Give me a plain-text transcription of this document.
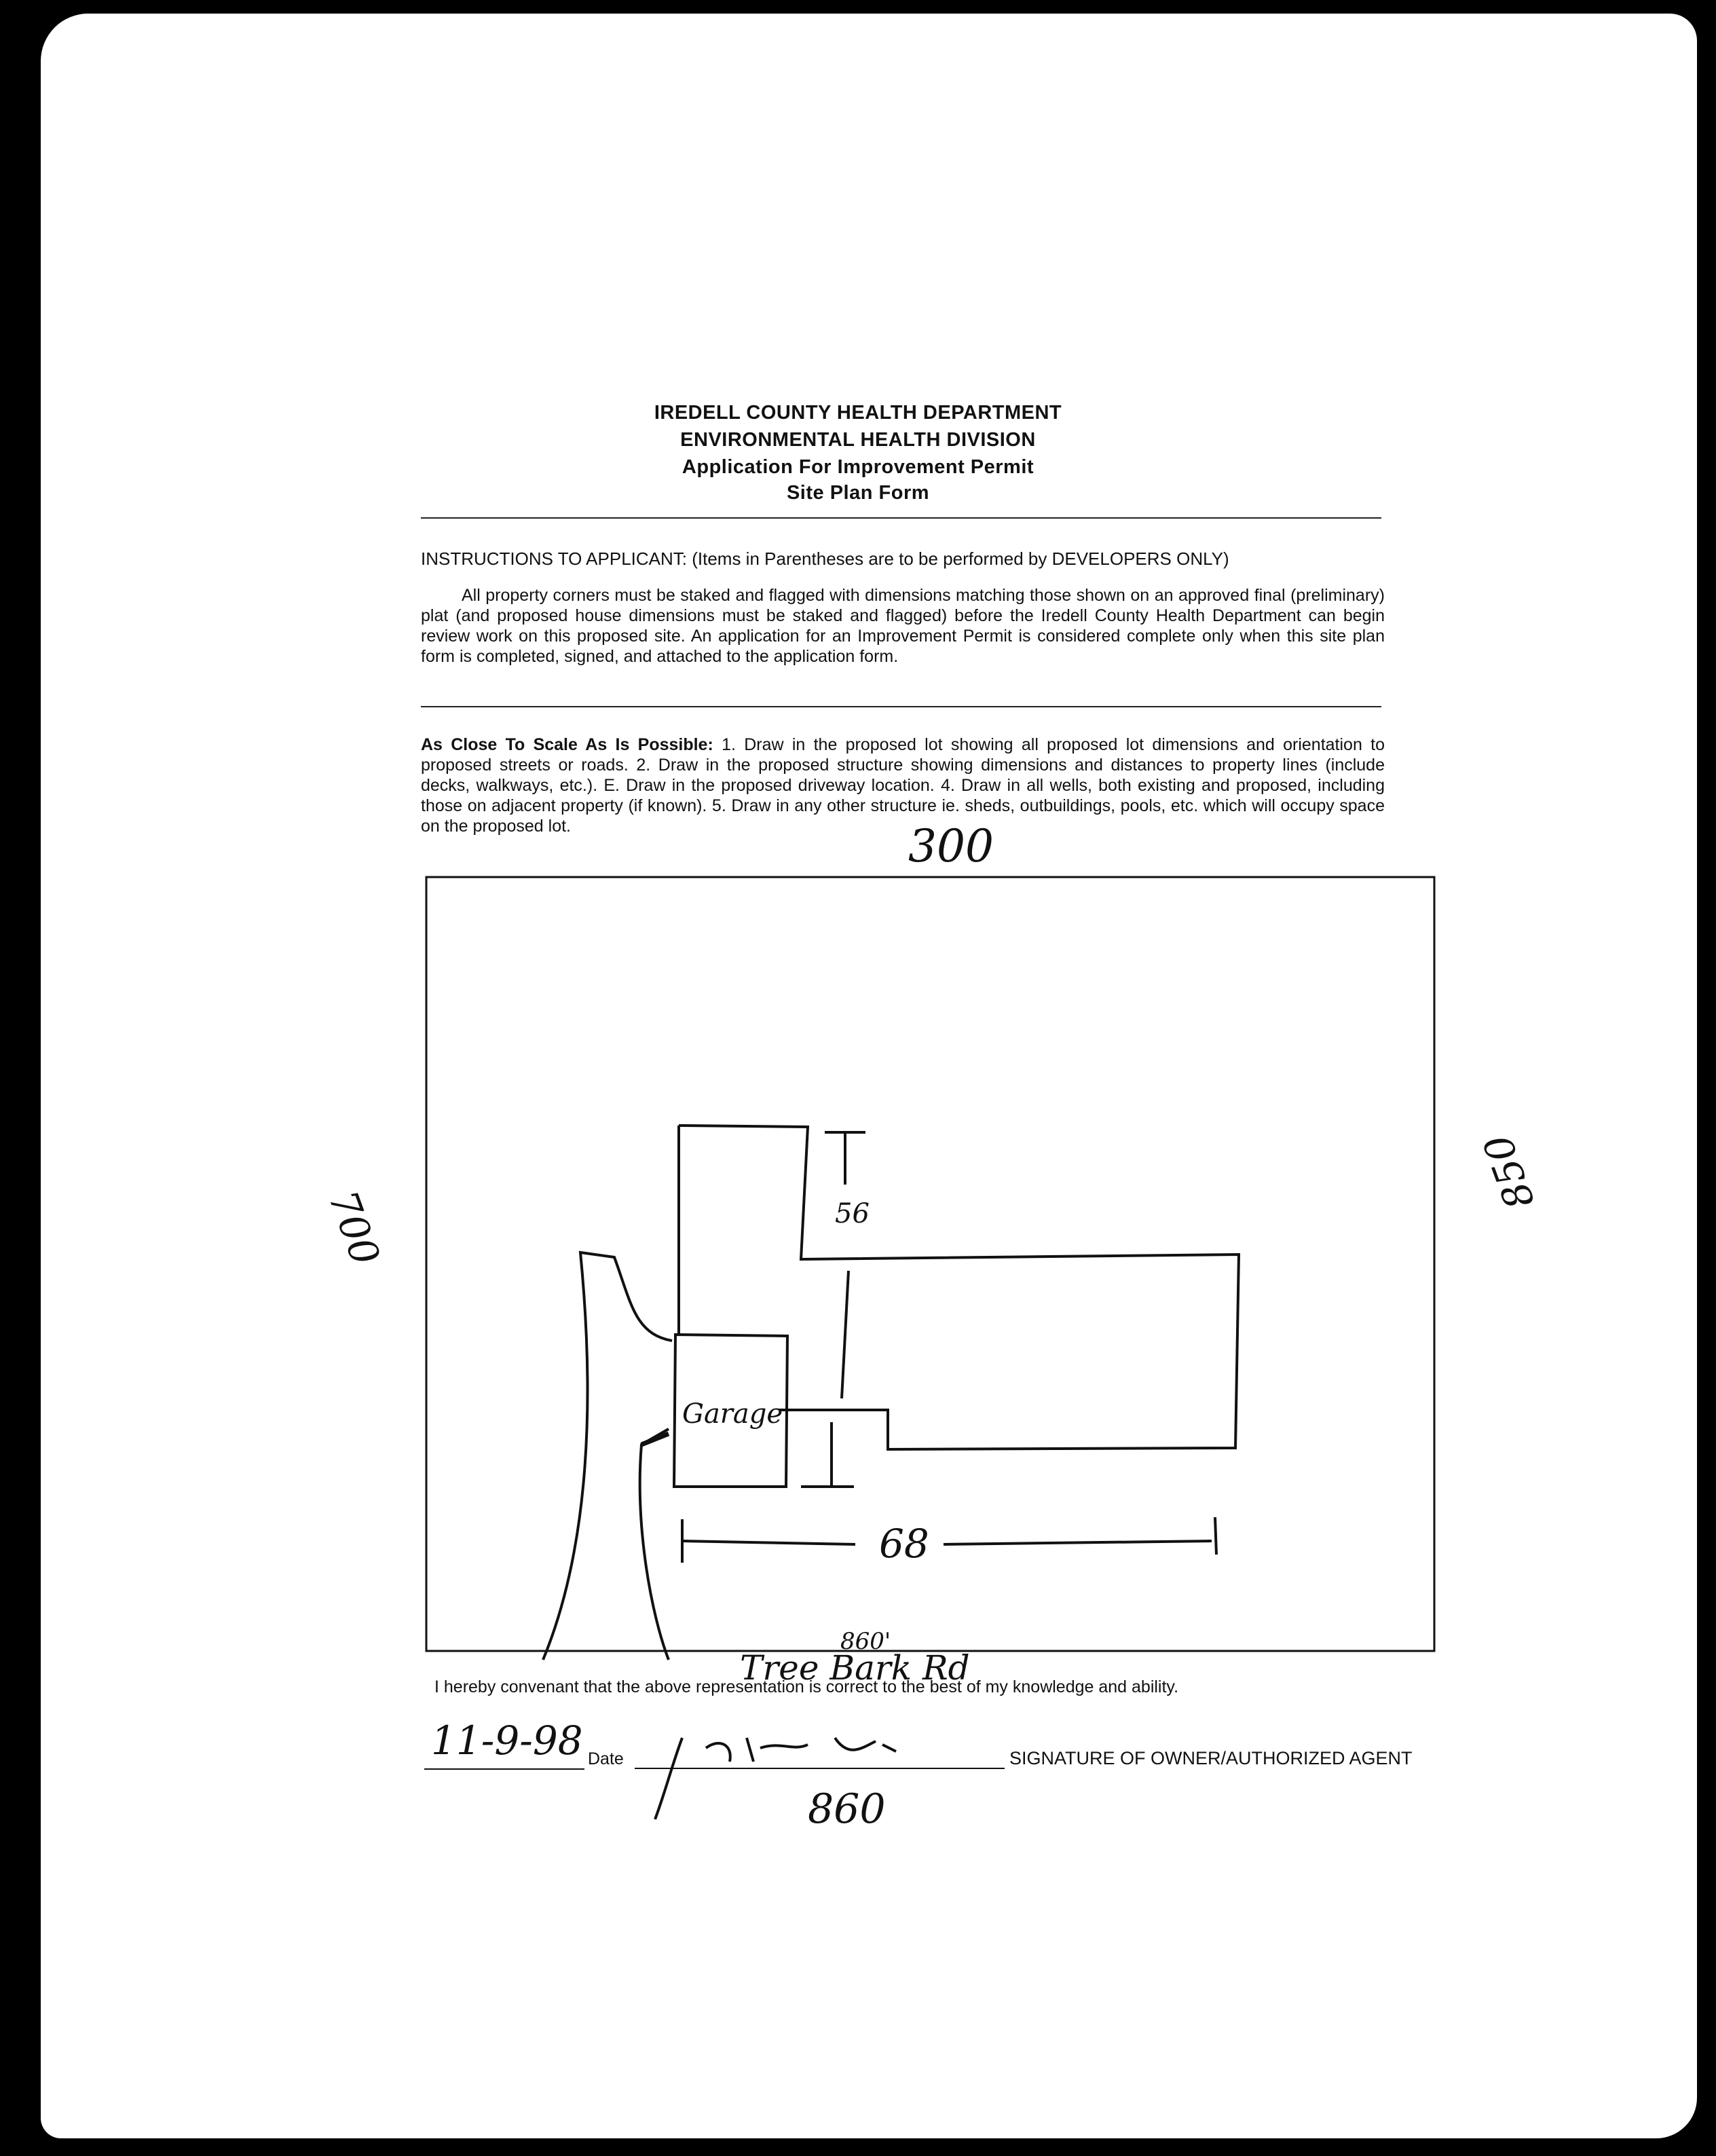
IREDELL COUNTY HEALTH DEPARTMENT
ENVIRONMENTAL HEALTH DIVISION
Application For Improvement Permit
Site Plan Form
INSTRUCTIONS TO APPLICANT: (Items in Parentheses are to be performed by DEVELOPERS ONLY)
All property corners must be staked and flagged with dimensions matching those shown on an approved final (preliminary) plat (and proposed house dimensions must be staked and flagged) before the Iredell County Health Department can begin review work on this proposed site. An application for an Improvement Permit is considered complete only when this site plan form is completed, signed, and attached to the application form.
As Close To Scale As Is Possible: 1. Draw in the proposed lot showing all proposed lot dimensions and orientation to proposed streets or roads. 2. Draw in the proposed structure showing dimensions and distances to property lines (include decks, walkways, etc.). E. Draw in the proposed driveway location. 4. Draw in all wells, both existing and proposed, including those on adjacent property (if known). 5. Draw in any other structure ie. sheds, outbuildings, pools, etc. which will occupy space on the proposed lot.	300
700
850
56
68
Garage
860'
Tree Bark Rd
I hereby convenant that the above representation is correct to the best of my knowledge and ability.
11-9-98 Date	SIGNATURE OF OWNER/AUTHORIZED AGENT
860
